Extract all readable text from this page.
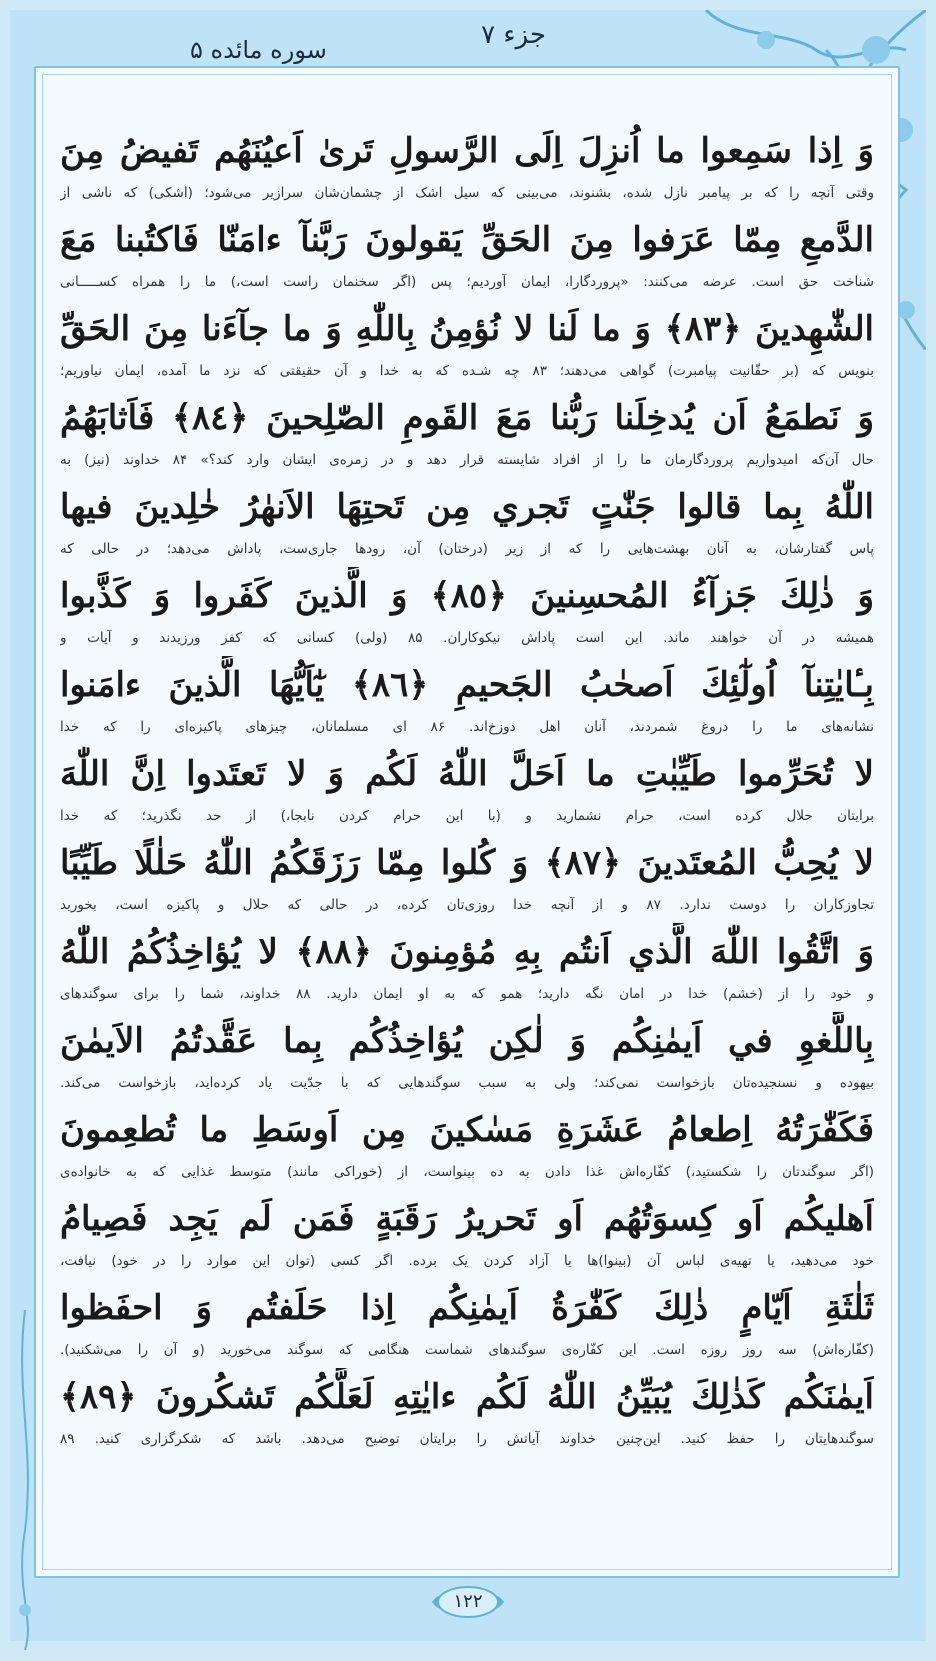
جزء ۷
سوره مائده ۵
وَ اِذا سَمِعوا ما اُنزِلَ اِلَى الرَّسولِ تَرىٰ اَعيُنَهُم تَفيضُ مِنَ
وقتی آنچه را که بر پیامبر نازل شده، بشنوند، می‌بینی که سیل اشک از چشمان‌شان سرازیر می‌شود؛ (اشکی) که ناشی از
الدَّمعِ مِمّا عَرَفوا مِنَ الحَقِّ يَقولونَ رَبَّنآ ءامَنّا فَاكتُبنا مَعَ
شناخت حق است. عرضه می‌کنند: «پروردگارا، ایمان آوردیم؛ پس (اگر سخنمان راست است،) ما را همراه کســـــانی
الشّٰهِدينَ ﴿٨٣﴾ وَ ما لَنا لا نُؤمِنُ بِاللّٰهِ وَ ما جآءَنا مِنَ الحَقِّ
بنویس که (بر حقّانیت پیامبرت) گواهی می‌دهند؛ ۸۳ چه شـده که به خدا و آن حقیقتی که نزد ما آمده، ایمان نیاوریم؛
وَ نَطمَعُ اَن يُدخِلَنا رَبُّنا مَعَ القَومِ الصّٰلِحينَ ﴿٨٤﴾ فَاَثابَهُمُ
حال آن‌که امیدواریم پروردگارمان ما را از افراد شایسته قرار دهد و در زمره‌ی ایشان وارد کند؟» ۸۴ خداوند (نیز) به
اللّٰهُ بِما قالوا جَنّٰتٍ تَجري مِن تَحتِهَا الاَنهٰرُ خٰلِدينَ فيها
پاس گفتارشان، به آنان بهشت‌هایی را که از زیر (درختان) آن، رودها جاری‌ست، پاداش می‌دهد؛ در حالی که
وَ ذٰلِكَ جَزآءُ المُحسِنينَ ﴿٨٥﴾ وَ الَّذينَ كَفَروا وَ كَذَّبوا
همیشه در آن خواهند ماند. این است پاداش نیکوکاران. ۸۵ (ولی) کسانی که کفر ورزیدند و آیات و
بِـٔايٰتِنآ اُولٰٓئِكَ اَصحٰبُ الجَحيمِ ﴿٨٦﴾ يٰٓاَيُّهَا الَّذينَ ءامَنوا
نشانه‌های ما را دروغ شمردند، آنان اهل دوزخ‌اند. ۸۶ ای مسلمانان، چیزهای پاکیزه‌ای را که خدا
لا تُحَرِّموا طَيِّبٰتِ ما اَحَلَّ اللّٰهُ لَكُم وَ لا تَعتَدوا اِنَّ اللّٰهَ
برایتان حلال کرده است، حرام نشمارید و (با این حرام کردن نابجا،) از حد نگذرید؛ که خدا
لا يُحِبُّ المُعتَدينَ ﴿٨٧﴾ وَ كُلوا مِمّا رَزَقَكُمُ اللّٰهُ حَلٰلًا طَيِّبًا
تجاوزکاران را دوست ندارد. ۸۷ و از آنچه خدا روزی‌تان کرده، در حالی که حلال و پاکیزه است، بخورید
وَ اتَّقُوا اللّٰهَ الَّذي اَنتُم بِهِ مُؤمِنونَ ﴿٨٨﴾ لا يُؤاخِذُكُمُ اللّٰهُ
و خود را از (خشم) خدا در امان نگه دارید؛ همو که به او ایمان دارید. ۸۸ خداوند، شما را برای سوگندهای
بِاللَّغوِ في اَيمٰنِكُم وَ لٰكِن يُؤاخِذُكُم بِما عَقَّدتُمُ الاَيمٰنَ
بیهوده و نسنجیده‌تان بازخواست نمی‌کند؛ ولی به سبب سوگندهایی که با جدّیت یاد کرده‌اید، بازخواست می‌کند.
فَكَفّٰرَتُهُ اِطعامُ عَشَرَةِ مَسٰكينَ مِن اَوسَطِ ما تُطعِمونَ
(اگر سوگندتان را شکستید،) کفّاره‌اش غذا دادن به ده بینواست، از (خوراکی مانند) متوسط غذایی که به خانواده‌ی
اَهليكُم اَو كِسوَتُهُم اَو تَحريرُ رَقَبَةٍ فَمَن لَم يَجِد فَصِيامُ
خود می‌دهید، یا تهیه‌ی لباس آن (بینوا)ها یا آزاد کردن یک برده. اگر کسی (توان این موارد را در خود) نیافت،
ثَلٰثَةِ اَيّامٍ ذٰلِكَ كَفّٰرَةُ اَيمٰنِكُم اِذا حَلَفتُم وَ احفَظوا
(کفّاره‌اش) سه روز روزه است. این کفّاره‌ی سوگندهای شماست هنگامی که سوگند می‌خورید (و آن را می‌شکنید).
اَيمٰنَكُم كَذٰلِكَ يُبَيِّنُ اللّٰهُ لَكُم ءايٰتِهِ لَعَلَّكُم تَشكُرونَ ﴿٨٩﴾
سوگندهایتان را حفظ کنید. این‌چنین خداوند آیاتش را برایتان توضیح می‌دهد. باشد که شکرگزاری کنید. ۸۹
۱۲۲
